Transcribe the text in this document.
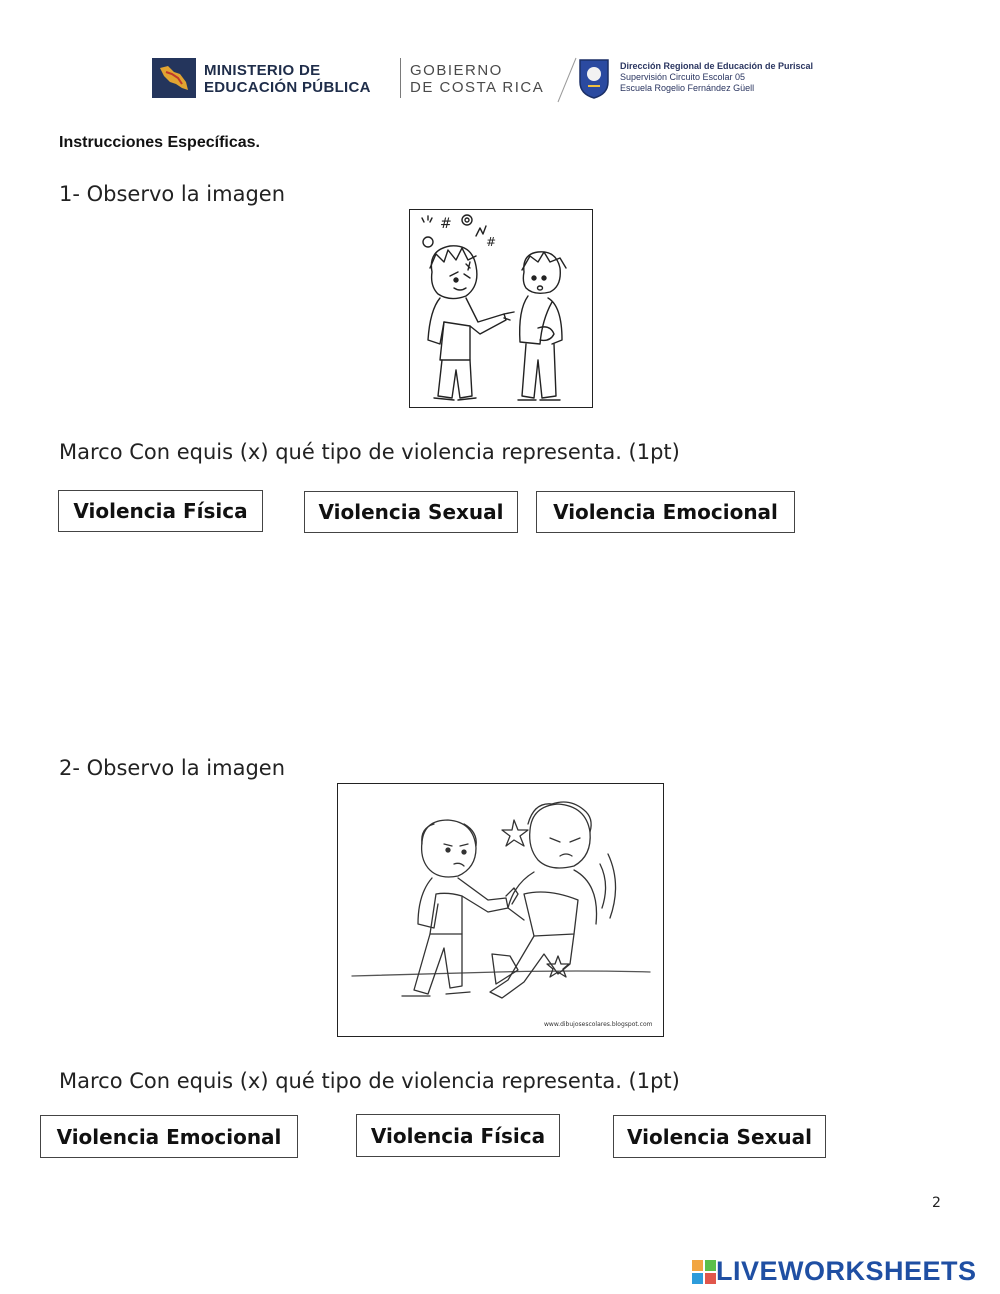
MINISTERIO DE
EDUCACIÓN PÚBLICA
GOBIERNO
DE COSTA RICA
Dirección Regional de Educación de Puriscal
Supervisión Circuito Escolar 05
Escuela Rogelio Fernández Güell
Instrucciones Específicas.
1- Observo la imagen
#
#
Marco Con equis (x) qué tipo de violencia representa. (1pt)
Violencia Física	Violencia Sexual	Violencia Emocional
2- Observo la imagen
www.dibujosescolares.blogspot.com
Marco Con equis (x) qué tipo de violencia representa. (1pt)
Violencia Emocional	Violencia Física	Violencia Sexual
2
LIVEWORKSHEETS
